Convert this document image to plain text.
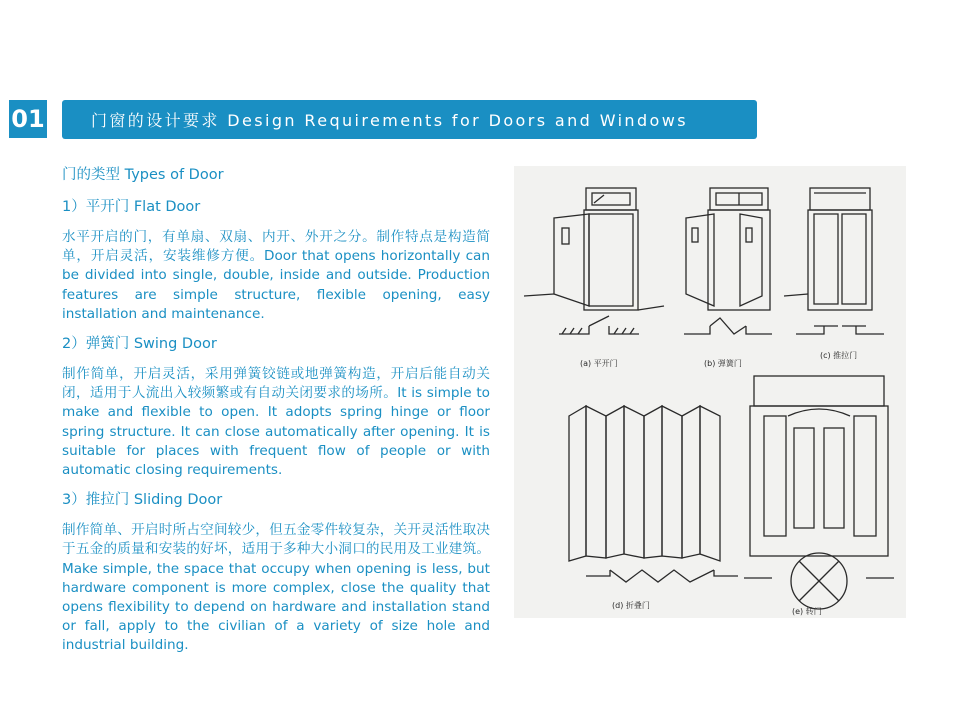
01	门窗的设计要求 Design Requirements for Doors and Windows
门的类型 Types of Door
1）平开门 Flat Door
水平开启的门，有单扇、双扇、内开、外开之分。制作特点是构造简单，开启灵活，安装维修方便。Door that opens horizontally can be divided into single, double, inside and outside. Production features are simple structure, flexible opening, easy installation and maintenance.
2）弹簧门 Swing Door
制作简单，开启灵活，采用弹簧铰链或地弹簧构造，开启后能自动关闭，适用于人流出入较频繁或有自动关闭要求的场所。It is simple to make and flexible to open. It adopts spring hinge or floor spring structure. It can close automatically after opening. It is suitable for places with frequent flow of people or with automatic closing requirements.
3）推拉门 Sliding Door
制作简单、开启时所占空间较少，但五金零件较复杂，关开灵活性取决于五金的质量和安装的好坏，适用于多种大小洞口的民用及工业建筑。Make simple, the space that occupy when opening is less, but hardware component is more complex, close the quality that opens flexibility to depend on hardware and installation stand or fall, apply to the civilian of a variety of size hole and industrial building.
(a) 平开门	(b) 弹簧门
(c) 推拉门
(d) 折叠门
(e) 转门
